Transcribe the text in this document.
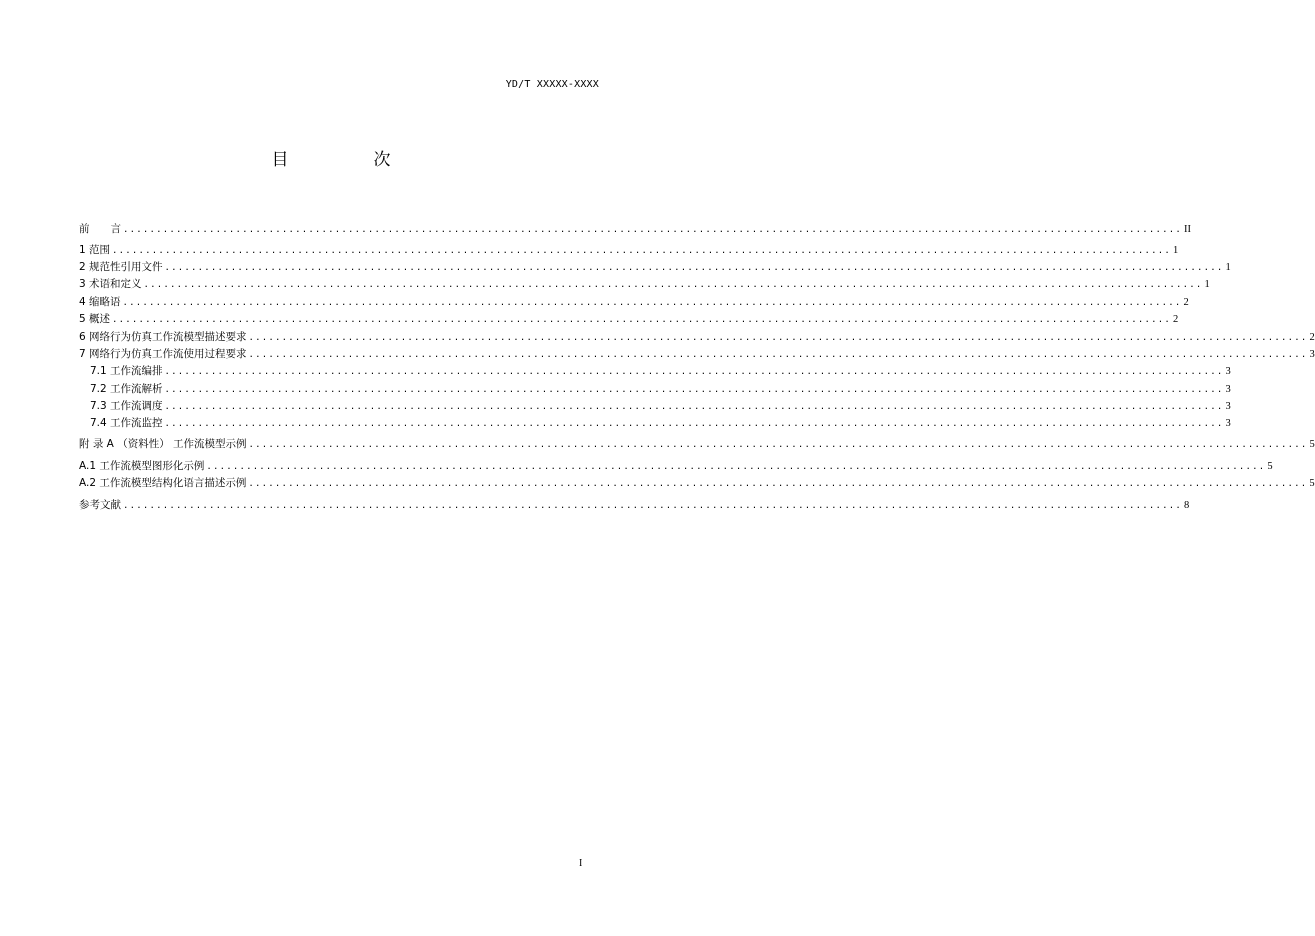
YD/T XXXXX-XXXX
目　次
前　　言 ................................................................................................................................................................ II
1 范围 ................................................................................................................................................................ 1
2 规范性引用文件 ................................................................................................................................................................ 1
3 术语和定义 ................................................................................................................................................................ 1
4 缩略语 ................................................................................................................................................................ 2
5 概述 ................................................................................................................................................................ 2
6 网络行为仿真工作流模型描述要求 ................................................................................................................................................................ 2
7 网络行为仿真工作流使用过程要求 ................................................................................................................................................................ 3
7.1 工作流编排 ................................................................................................................................................................ 3
7.2 工作流解析 ................................................................................................................................................................ 3
7.3 工作流调度 ................................................................................................................................................................ 3
7.4 工作流监控 ................................................................................................................................................................ 3
附 录 A （资料性） 工作流模型示例 ................................................................................................................................................................ 5
A.1 工作流模型图形化示例 ................................................................................................................................................................ 5
A.2 工作流模型结构化语言描述示例 ................................................................................................................................................................ 5
参考文献 ................................................................................................................................................................ 8
I
